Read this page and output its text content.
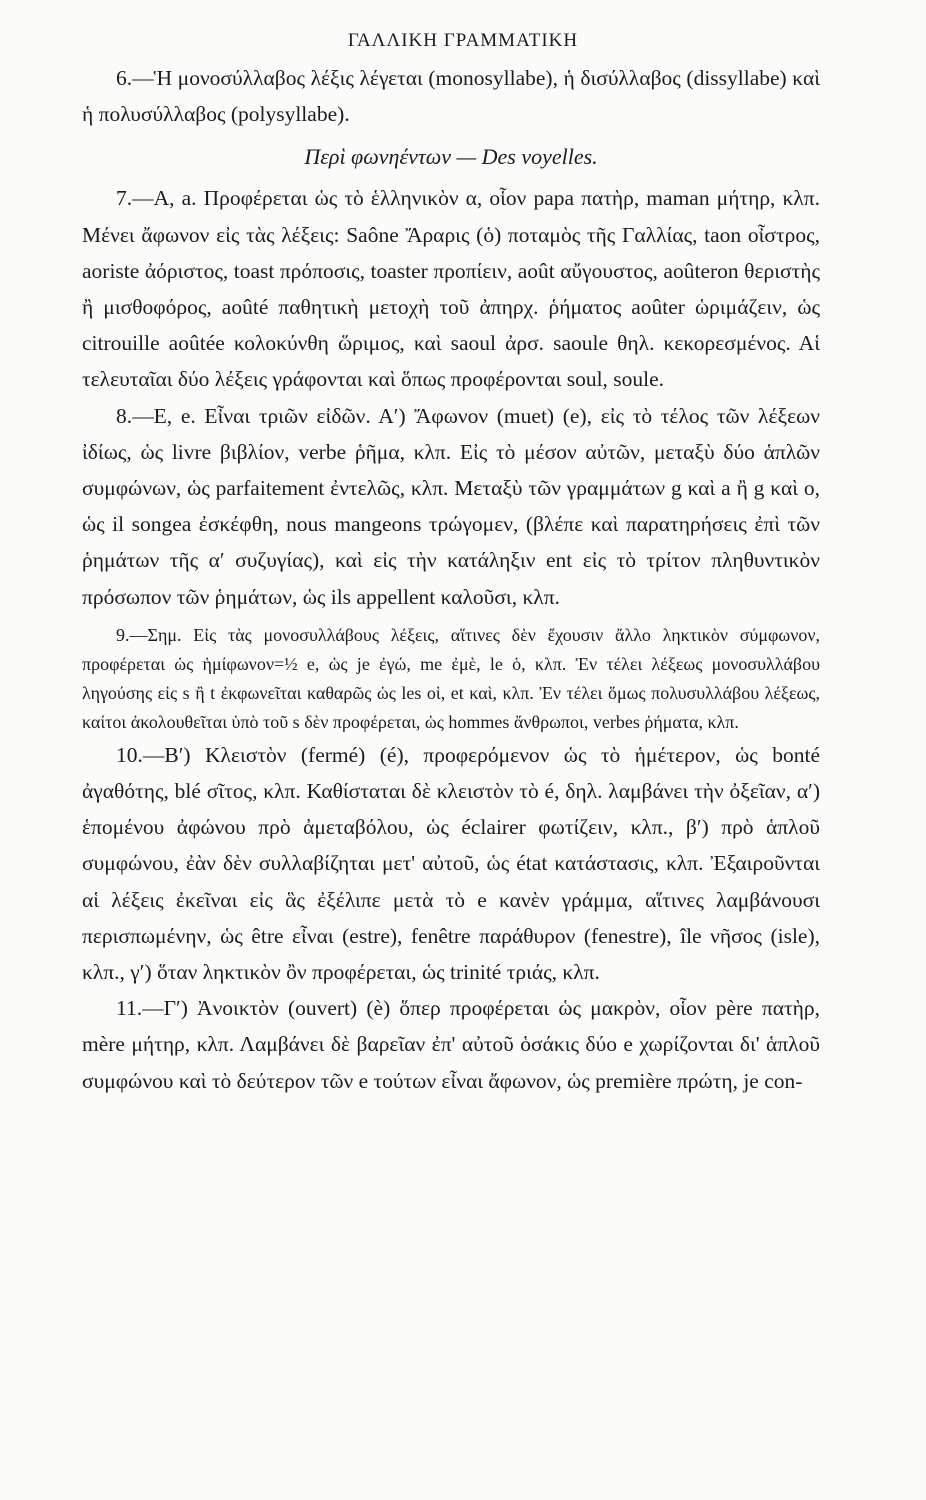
ΓΑΛΛΙΚΗ ΓΡΑΜΜΑΤΙΚΗ

6.—Ἡ μονοσύλλαβος λέξις λέγεται (monosyllabe), ἡ δισύλλαβος (dissyllabe) καὶ ἡ πολυσύλλαβος (polysyllabe).

Περὶ φωνηέντων — Des voyelles.

7.—A, a. Προφέρεται ὡς τὸ ἑλληνικὸν α, οἷον papa πατὴρ, maman μήτηρ, κλπ. Μένει ἄφωνον εἰς τὰς λέξεις: Saône Ἄραρις (ὁ) ποταμὸς τῆς Γαλλίας, taon οἶστρος, aoriste ἀόριστος, toast πρόποσις, toaster προπίειν, août αὔγουστος, aoûteron θεριστὴς ἢ μισθοφόρος, aoûté παθητικὴ μετοχὴ τοῦ ἀπηρχ. ῥήματος aoûter ὡριμάζειν, ὡς citrouille aoûtée κολοκύνθη ὥριμος, καὶ saoul ἀρσ. saoule θηλ. κεκορεσμένος. Αἱ τελευταῖαι δύο λέξεις γράφονται καὶ ὅπως προφέρονται soul, soule.

8.—E, e. Εἶναι τριῶν εἰδῶν. Α′) Ἄφωνον (muet) (e), εἰς τὸ τέλος τῶν λέξεων ἰδίως, ὡς livre βιβλίον, verbe ῥῆμα, κλπ. Εἰς τὸ μέσον αὐτῶν, μεταξὺ δύο ἁπλῶν συμφώνων, ὡς parfaitement ἐντελῶς, κλπ. Μεταξὺ τῶν γραμμάτων g καὶ a ἢ g καὶ o, ὡς il songea ἐσκέφθη, nous mangeons τρώγομεν, (βλέπε καὶ παρατηρήσεις ἐπὶ τῶν ῥημάτων τῆς α′ συζυγίας), καὶ εἰς τὴν κατάληξιν ent εἰς τὸ τρίτον πληθυντικὸν πρόσωπον τῶν ῥημάτων, ὡς ils appellent καλοῦσι, κλπ.

9.—Σημ. Εἰς τὰς μονοσυλλάβους λέξεις, αἵτινες δὲν ἔχουσιν ἄλλο ληκτικὸν σύμφωνον, προφέρεται ὡς ἡμίφωνον=½ e, ὡς je ἐγώ, me ἐμὲ, le ὁ, κλπ. Ἐν τέλει λέξεως μονοσυλλάβου ληγούσης εἰς s ἢ t ἐκφωνεῖται καθαρῶς ὡς les οἱ, et καὶ, κλπ. Ἐν τέλει ὅμως πολυσυλλάβου λέξεως, καίτοι ἀκολουθεῖται ὑπὸ τοῦ s δὲν προφέρεται, ὡς hommes ἄνθρωποι, verbes ῥήματα, κλπ.

10.—B′) Κλειστὸν (fermé) (é), προφερόμενον ὡς τὸ ἡμέτερον, ὡς bonté ἀγαθότης, blé σῖτος, κλπ. Καθίσταται δὲ κλειστὸν τὸ é, δηλ. λαμβάνει τὴν ὀξεῖαν, α′) ἑπομένου ἀφώνου πρὸ ἀμεταβόλου, ὡς éclairer φωτίζειν, κλπ., β′) πρὸ ἁπλοῦ συμφώνου, ἐὰν δὲν συλλαβίζηται μετ' αὐτοῦ, ὡς état κατάστασις, κλπ. Ἐξαιροῦνται αἱ λέξεις ἐκεῖναι εἰς ἃς ἐξέλιπε μετὰ τὸ e κανὲν γράμμα, αἵτινες λαμβάνουσι περισπωμένην, ὡς être εἶναι (estre), fenêtre παράθυρον (fenestre), île νῆσος (isle), κλπ., γ′) ὅταν ληκτικὸν ὂν προφέρεται, ὡς trinité τριάς, κλπ.

11.—Γ′) Ἀνοικτὸν (ouvert) (è) ὅπερ προφέρεται ὡς μακρὸν, οἷον père πατὴρ, mère μήτηρ, κλπ. Λαμβάνει δὲ βαρεῖαν ἐπ' αὐτοῦ ὁσάκις δύο e χωρίζονται δι' ἁπλοῦ συμφώνου καὶ τὸ δεύτερον τῶν e τούτων εἶναι ἄφωνον, ὡς première πρώτη, je con-
